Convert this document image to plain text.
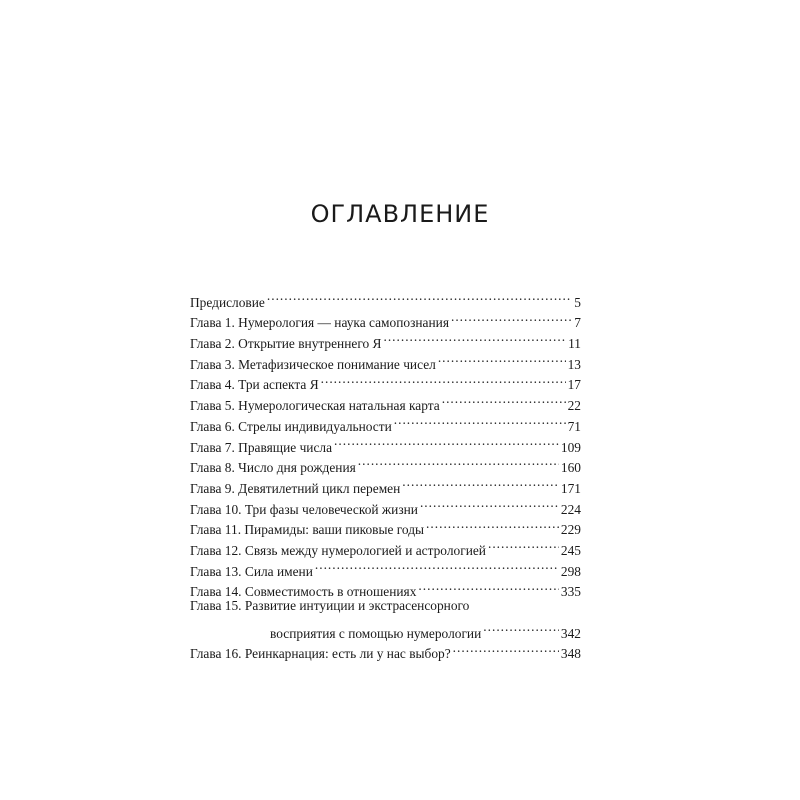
ОГЛАВЛЕНИЕ
Предисловие .....	5
Глава 1. Нумерология — наука самопознания .....	7
Глава 2. Открытие внутреннего Я .....	11
Глава 3. Метафизическое понимание чисел .....	13
Глава 4. Три аспекта Я .....	17
Глава 5. Нумерологическая натальная карта .....	22
Глава 6. Стрелы индивидуальности .....	71
Глава 7. Правящие числа .....	109
Глава 8. Число дня рождения .....	160
Глава 9. Девятилетний цикл перемен .....	171
Глава 10. Три фазы человеческой жизни .....	224
Глава 11. Пирамиды: ваши пиковые годы .....	229
Глава 12. Связь между нумерологией и астрологией .....	245
Глава 13. Сила имени .....	298
Глава 14. Совместимость в отношениях .....	335
Глава 15. Развитие интуиции и экстрасенсорного
восприятия с помощью нумерологии .....	342
Глава 16. Реинкарнация: есть ли у нас выбор? .....	348
